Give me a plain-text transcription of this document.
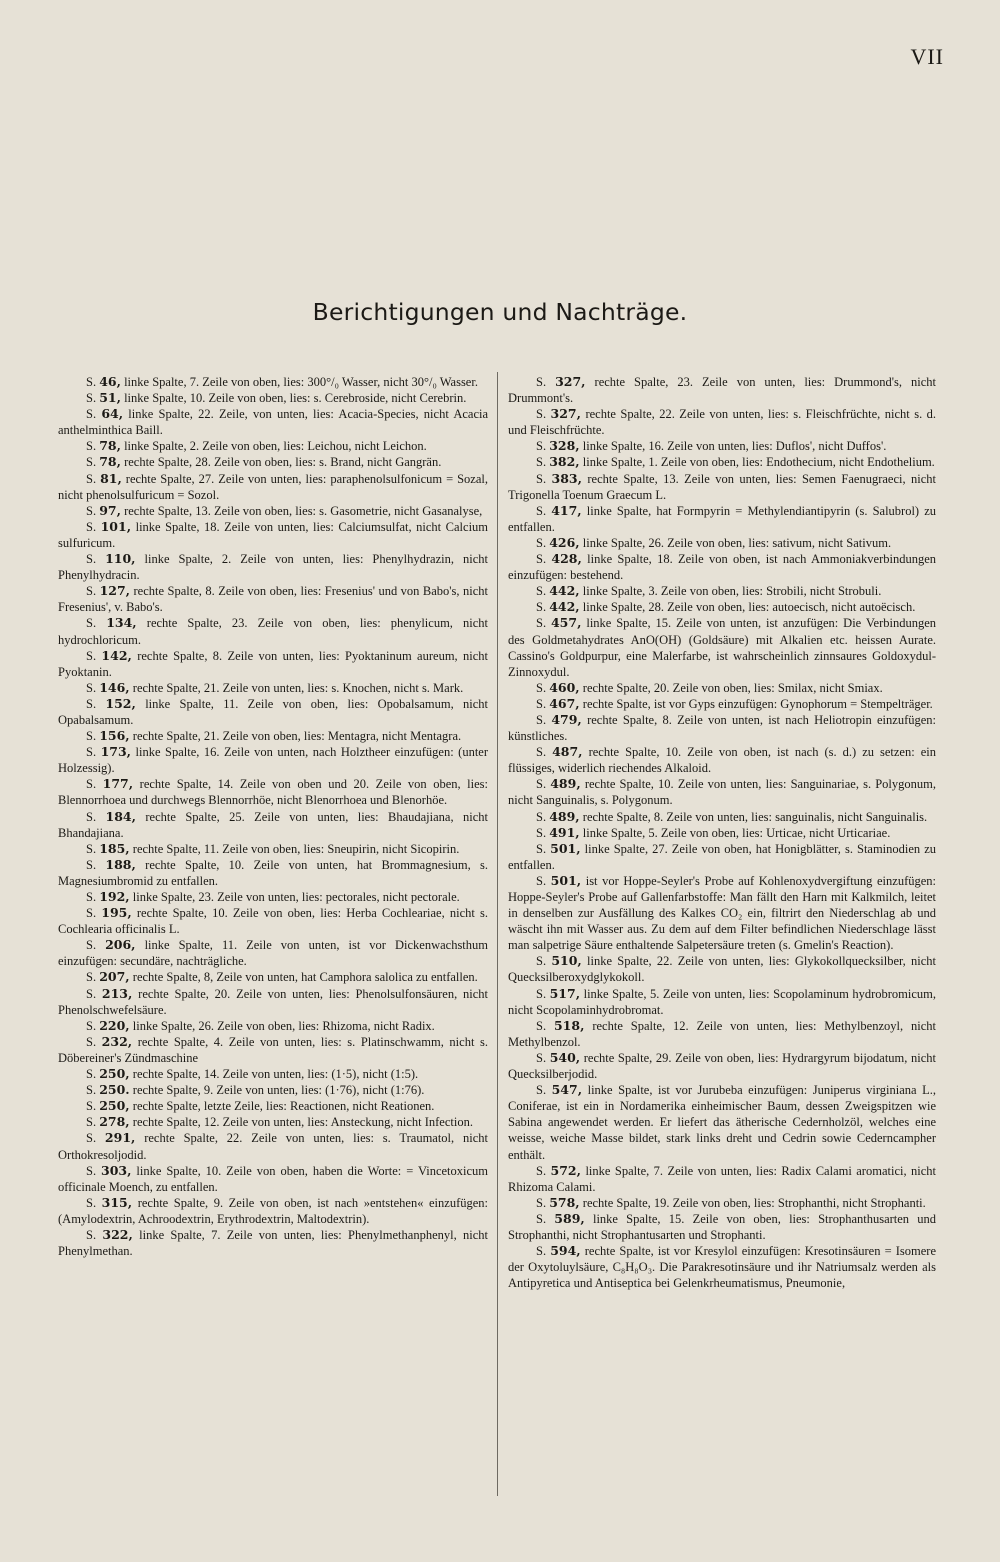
VII
Berichtigungen und Nachträge.

S. 46, linke Spalte, 7. Zeile von oben, lies: 300°/₀ Wasser, nicht 30°/₀ Wasser.

S. 51, linke Spalte, 10. Zeile von oben, lies: s. Cerebroside, nicht Cerebrin.

S. 64, linke Spalte, 22. Zeile, von unten, lies: Acacia-Species, nicht Acacia anthelminthica Baill.

S. 78, linke Spalte, 2. Zeile von oben, lies: Leichou, nicht Leichon.

S. 78, rechte Spalte, 28. Zeile von oben, lies: s. Brand, nicht Gangrän.

S. 81, rechte Spalte, 27. Zeile von unten, lies: paraphenolsulfonicum = Sozal, nicht phenolsulfuricum = Sozol.

S. 97, rechte Spalte, 13. Zeile von oben, lies: s. Gasometrie, nicht Gasanalyse,

S. 101, linke Spalte, 18. Zeile von unten, lies: Calciumsulfat, nicht Calcium sulfuricum.

S. 110, linke Spalte, 2. Zeile von unten, lies: Phenylhydrazin, nicht Phenylhydracin.

S. 127, rechte Spalte, 8. Zeile von oben, lies: Fresenius' und von Babo's, nicht Fresenius', v. Babo's.

S. 134, rechte Spalte, 23. Zeile von oben, lies: phenylicum, nicht hydrochloricum.

S. 142, rechte Spalte, 8. Zeile von unten, lies: Pyoktaninum aureum, nicht Pyoktanin.

S. 146, rechte Spalte, 21. Zeile von unten, lies: s. Knochen, nicht s. Mark.

S. 152, linke Spalte, 11. Zeile von oben, lies: Opobalsamum, nicht Opabalsamum.

S. 156, rechte Spalte, 21. Zeile von oben, lies: Mentagra, nicht Mentagra.

S. 173, linke Spalte, 16. Zeile von unten, nach Holztheer einzufügen: (unter Holzessig).

S. 177, rechte Spalte, 14. Zeile von oben und 20. Zeile von oben, lies: Blennorrhoea und durchwegs Blennorrhöe, nicht Blenorrhoea und Blenorhöe.

S. 184, rechte Spalte, 25. Zeile von unten, lies: Bhaudajiana, nicht Bhandajiana.

S. 185, rechte Spalte, 11. Zeile von oben, lies: Sneupirin, nicht Sicopirin.

S. 188, rechte Spalte, 10. Zeile von unten, hat Brommagnesium, s. Magnesiumbromid zu entfallen.

S. 192, linke Spalte, 23. Zeile von unten, lies: pectorales, nicht pectorale.

S. 195, rechte Spalte, 10. Zeile von oben, lies: Herba Cochleariae, nicht s. Cochlearia officinalis L.

S. 206, linke Spalte, 11. Zeile von unten, ist vor Dickenwachsthum einzufügen: secundäre, nachträgliche.

S. 207, rechte Spalte, 8, Zeile von unten, hat Camphora salolica zu entfallen.

S. 213, rechte Spalte, 20. Zeile von unten, lies: Phenolsulfonsäuren, nicht Phenolschwefelsäure.

S. 220, linke Spalte, 26. Zeile von oben, lies: Rhizoma, nicht Radix.

S. 232, rechte Spalte, 4. Zeile von unten, lies: s. Platinschwamm, nicht s. Döbereiner's Zündmaschine

S. 250, rechte Spalte, 14. Zeile von unten, lies: (1·5), nicht (1:5).

S. 250. rechte Spalte, 9. Zeile von unten, lies: (1·76), nicht (1:76).

S. 250, rechte Spalte, letzte Zeile, lies: Reactionen, nicht Reationen.

S. 278, rechte Spalte, 12. Zeile von unten, lies: Ansteckung, nicht Infection.

S. 291, rechte Spalte, 22. Zeile von unten, lies: s. Traumatol, nicht Orthokresoljodid.

S. 303, linke Spalte, 10. Zeile von oben, haben die Worte: = Vincetoxicum officinale Moench, zu entfallen.

S. 315, rechte Spalte, 9. Zeile von oben, ist nach »entstehen« einzufügen: (Amylodextrin, Achroodextrin, Erythrodextrin, Maltodextrin).

S. 322, linke Spalte, 7. Zeile von unten, lies: Phenylmethanphenyl, nicht Phenylmethan.

S. 327, rechte Spalte, 23. Zeile von unten, lies: Drummond's, nicht Drummont's.

S. 327, rechte Spalte, 22. Zeile von unten, lies: s. Fleischfrüchte, nicht s. d. und Fleischfrüchte.

S. 328, linke Spalte, 16. Zeile von unten, lies: Duflos', nicht Duffos'.

S. 382, linke Spalte, 1. Zeile von oben, lies: Endothecium, nicht Endothelium.

S. 383, rechte Spalte, 13. Zeile von unten, lies: Semen Faenugraeci, nicht Trigonella Toenum Graecum L.

S. 417, linke Spalte, hat Formpyrin = Methylendiantipyrin (s. Salubrol) zu entfallen.

S. 426, linke Spalte, 26. Zeile von oben, lies: sativum, nicht Sativum.

S. 428, linke Spalte, 18. Zeile von oben, ist nach Ammoniakverbindungen einzufügen: bestehend.

S. 442, linke Spalte, 3. Zeile von oben, lies: Strobili, nicht Strobuli.

S. 442, linke Spalte, 28. Zeile von oben, lies: autoecisch, nicht autoëcisch.

S. 457, linke Spalte, 15. Zeile von unten, ist anzufügen: Die Verbindungen des Goldmetahydrates AnO(OH) (Goldsäure) mit Alkalien etc. heissen Aurate. Cassino's Goldpurpur, eine Malerfarbe, ist wahrscheinlich zinnsaures Goldoxydul-Zinnoxydul.

S. 460, rechte Spalte, 20. Zeile von oben, lies: Smilax, nicht Smiax.

S. 467, rechte Spalte, ist vor Gyps einzufügen: Gynophorum = Stempelträger.

S. 479, rechte Spalte, 8. Zeile von unten, ist nach Heliotropin einzufügen: künstliches.

S. 487, rechte Spalte, 10. Zeile von oben, ist nach (s. d.) zu setzen: ein flüssiges, widerlich riechendes Alkaloid.

S. 489, rechte Spalte, 10. Zeile von unten, lies: Sanguinariae, s. Polygonum, nicht Sanguinalis, s. Polygonum.

S. 489, rechte Spalte, 8. Zeile von unten, lies: sanguinalis, nicht Sanguinalis.

S. 491, linke Spalte, 5. Zeile von oben, lies: Urticae, nicht Urticariae.

S. 501, linke Spalte, 27. Zeile von oben, hat Honigblätter, s. Staminodien zu entfallen.

S. 501, ist vor Hoppe-Seyler's Probe auf Kohlenoxydvergiftung einzufügen: Hoppe-Seyler's Probe auf Gallenfarbstoffe: Man fällt den Harn mit Kalkmilch, leitet in denselben zur Ausfällung des Kalkes CO₂ ein, filtrirt den Niederschlag ab und wäscht ihn mit Wasser aus. Zu dem auf dem Filter befindlichen Niederschlage lässt man salpetrige Säure enthaltende Salpetersäure treten (s. Gmelin's Reaction).

S. 510, linke Spalte, 22. Zeile von unten, lies: Glykokollquecksilber, nicht Quecksilberoxydglykokoll.

S. 517, linke Spalte, 5. Zeile von unten, lies: Scopolaminum hydrobromicum, nicht Scopolaminhydrobromat.

S. 518, rechte Spalte, 12. Zeile von unten, lies: Methylbenzoyl, nicht Methylbenzol.

S. 540, rechte Spalte, 29. Zeile von oben, lies: Hydrargyrum bijodatum, nicht Quecksilberjodid.

S. 547, linke Spalte, ist vor Jurubeba einzufügen: Juniperus virginiana L., Coniferae, ist ein in Nordamerika einheimischer Baum, dessen Zweigspitzen wie Sabina angewendet werden. Er liefert das ätherische Cedernholzöl, welches eine weisse, weiche Masse bildet, stark links dreht und Cedrin sowie Cederncampher enthält.

S. 572, linke Spalte, 7. Zeile von unten, lies: Radix Calami aromatici, nicht Rhizoma Calami.

S. 578, rechte Spalte, 19. Zeile von oben, lies: Strophanthi, nicht Strophanti.

S. 589, linke Spalte, 15. Zeile von oben, lies: Strophanthusarten und Strophanthi, nicht Strophantusarten und Strophanti.

S. 594, rechte Spalte, ist vor Kresylol einzufügen: Kresotinsäuren = Isomere der Oxytoluylsäure, C₈H₈O₃. Die Parakresotinsäure und ihr Natriumsalz werden als Antipyretica und Antiseptica bei Gelenkrheumatismus, Pneumonie,
